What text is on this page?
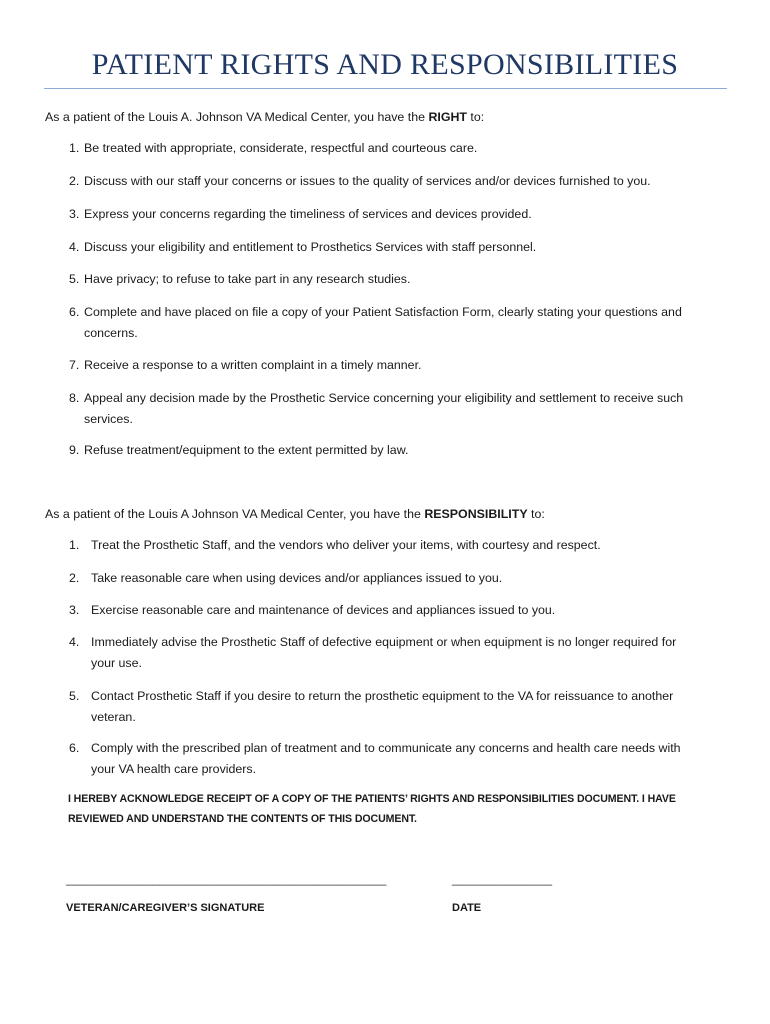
PATIENT RIGHTS AND RESPONSIBILITIES
As a patient of the Louis A. Johnson VA Medical Center, you have the RIGHT to:
1. Be treated with appropriate, considerate, respectful and courteous care.
2. Discuss with our staff your concerns or issues to the quality of services and/or devices furnished to you.
3. Express your concerns regarding the timeliness of services and devices provided.
4. Discuss your eligibility and entitlement to Prosthetics Services with staff personnel.
5. Have privacy; to refuse to take part in any research studies.
6. Complete and have placed on file a copy of your Patient Satisfaction Form, clearly stating your questions and
concerns.
7. Receive a response to a written complaint in a timely manner.
8. Appeal any decision made by the Prosthetic Service concerning your eligibility and settlement to receive such
services.
9. Refuse treatment/equipment to the extent permitted by law.
As a patient of the Louis A Johnson VA Medical Center, you have the RESPONSIBILITY to:
1. Treat the Prosthetic Staff, and the vendors who deliver your items, with courtesy and respect.
2. Take reasonable care when using devices and/or appliances issued to you.
3. Exercise reasonable care and maintenance of devices and appliances issued to you.
4. Immediately advise the Prosthetic Staff of defective equipment or when equipment is no longer required for
your use.
5. Contact Prosthetic Staff if you desire to return the prosthetic equipment to the VA for reissuance to another
veteran.
6. Comply with the prescribed plan of treatment and to communicate any concerns and health care needs with
your VA health care providers.
I HEREBY ACKNOWLEDGE RECEIPT OF A COPY OF THE PATIENTS’ RIGHTS AND RESPONSIBILITIES DOCUMENT. I HAVE REVIEWED AND UNDERSTAND THE CONTENTS OF THIS DOCUMENT.
________________________________________________	_______________
VETERAN/CAREGIVER’S SIGNATURE	DATE
